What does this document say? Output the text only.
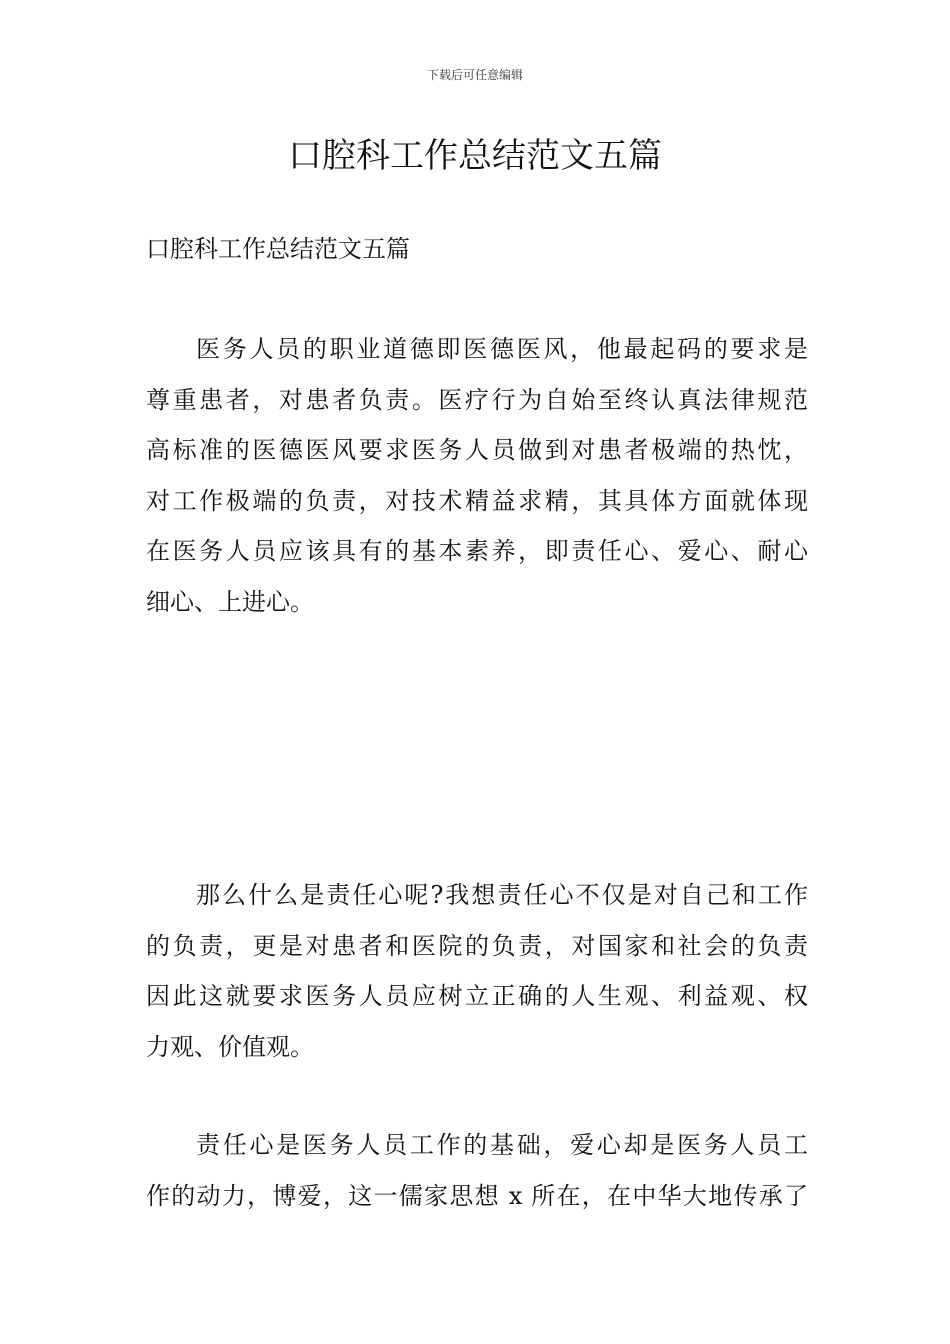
下载后可任意编辑
口腔科工作总结范文五篇
口腔科工作总结范文五篇
医务人员的职业道德即医德医风，他最起码的要求是
尊重患者，对患者负责。医疗行为自始至终认真法律规范
高标准的医德医风要求医务人员做到对患者极端的热忱，
对工作极端的负责，对技术精益求精，其具体方面就体现
在医务人员应该具有的基本素养，即责任心、爱心、耐心
细心、上进心。
那么什么是责任心呢?我想责任心不仅是对自己和工作
的负责，更是对患者和医院的负责，对国家和社会的负责
因此这就要求医务人员应树立正确的人生观、利益观、权
力观、价值观。
责任心是医务人员工作的基础，爱心却是医务人员工
作的动力，博爱，这一儒家思想 x 所在，在中华大地传承了
